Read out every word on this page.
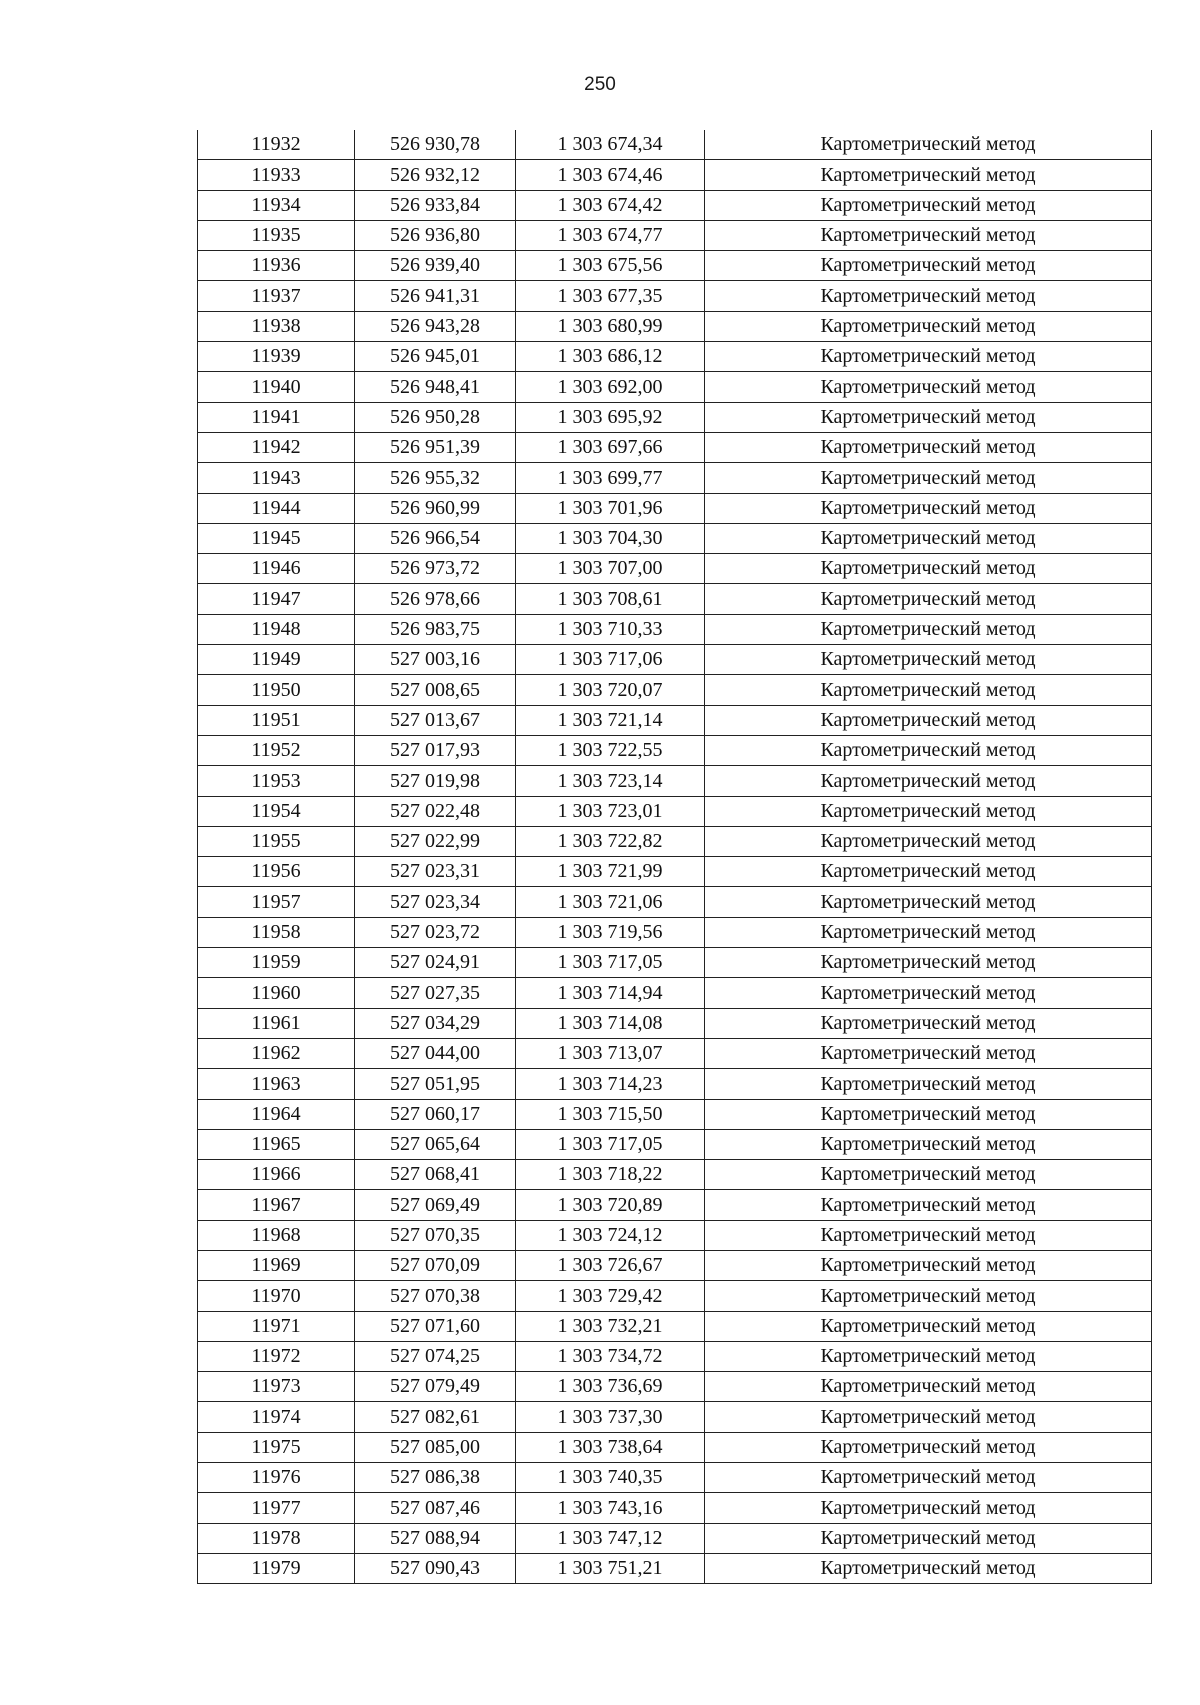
250
11932	526 930,78	1 303 674,34	Картометрический метод
11933	526 932,12	1 303 674,46	Картометрический метод
11934	526 933,84	1 303 674,42	Картометрический метод
11935	526 936,80	1 303 674,77	Картометрический метод
11936	526 939,40	1 303 675,56	Картометрический метод
11937	526 941,31	1 303 677,35	Картометрический метод
11938	526 943,28	1 303 680,99	Картометрический метод
11939	526 945,01	1 303 686,12	Картометрический метод
11940	526 948,41	1 303 692,00	Картометрический метод
11941	526 950,28	1 303 695,92	Картометрический метод
11942	526 951,39	1 303 697,66	Картометрический метод
11943	526 955,32	1 303 699,77	Картометрический метод
11944	526 960,99	1 303 701,96	Картометрический метод
11945	526 966,54	1 303 704,30	Картометрический метод
11946	526 973,72	1 303 707,00	Картометрический метод
11947	526 978,66	1 303 708,61	Картометрический метод
11948	526 983,75	1 303 710,33	Картометрический метод
11949	527 003,16	1 303 717,06	Картометрический метод
11950	527 008,65	1 303 720,07	Картометрический метод
11951	527 013,67	1 303 721,14	Картометрический метод
11952	527 017,93	1 303 722,55	Картометрический метод
11953	527 019,98	1 303 723,14	Картометрический метод
11954	527 022,48	1 303 723,01	Картометрический метод
11955	527 022,99	1 303 722,82	Картометрический метод
11956	527 023,31	1 303 721,99	Картометрический метод
11957	527 023,34	1 303 721,06	Картометрический метод
11958	527 023,72	1 303 719,56	Картометрический метод
11959	527 024,91	1 303 717,05	Картометрический метод
11960	527 027,35	1 303 714,94	Картометрический метод
11961	527 034,29	1 303 714,08	Картометрический метод
11962	527 044,00	1 303 713,07	Картометрический метод
11963	527 051,95	1 303 714,23	Картометрический метод
11964	527 060,17	1 303 715,50	Картометрический метод
11965	527 065,64	1 303 717,05	Картометрический метод
11966	527 068,41	1 303 718,22	Картометрический метод
11967	527 069,49	1 303 720,89	Картометрический метод
11968	527 070,35	1 303 724,12	Картометрический метод
11969	527 070,09	1 303 726,67	Картометрический метод
11970	527 070,38	1 303 729,42	Картометрический метод
11971	527 071,60	1 303 732,21	Картометрический метод
11972	527 074,25	1 303 734,72	Картометрический метод
11973	527 079,49	1 303 736,69	Картометрический метод
11974	527 082,61	1 303 737,30	Картометрический метод
11975	527 085,00	1 303 738,64	Картометрический метод
11976	527 086,38	1 303 740,35	Картометрический метод
11977	527 087,46	1 303 743,16	Картометрический метод
11978	527 088,94	1 303 747,12	Картометрический метод
11979	527 090,43	1 303 751,21	Картометрический метод
